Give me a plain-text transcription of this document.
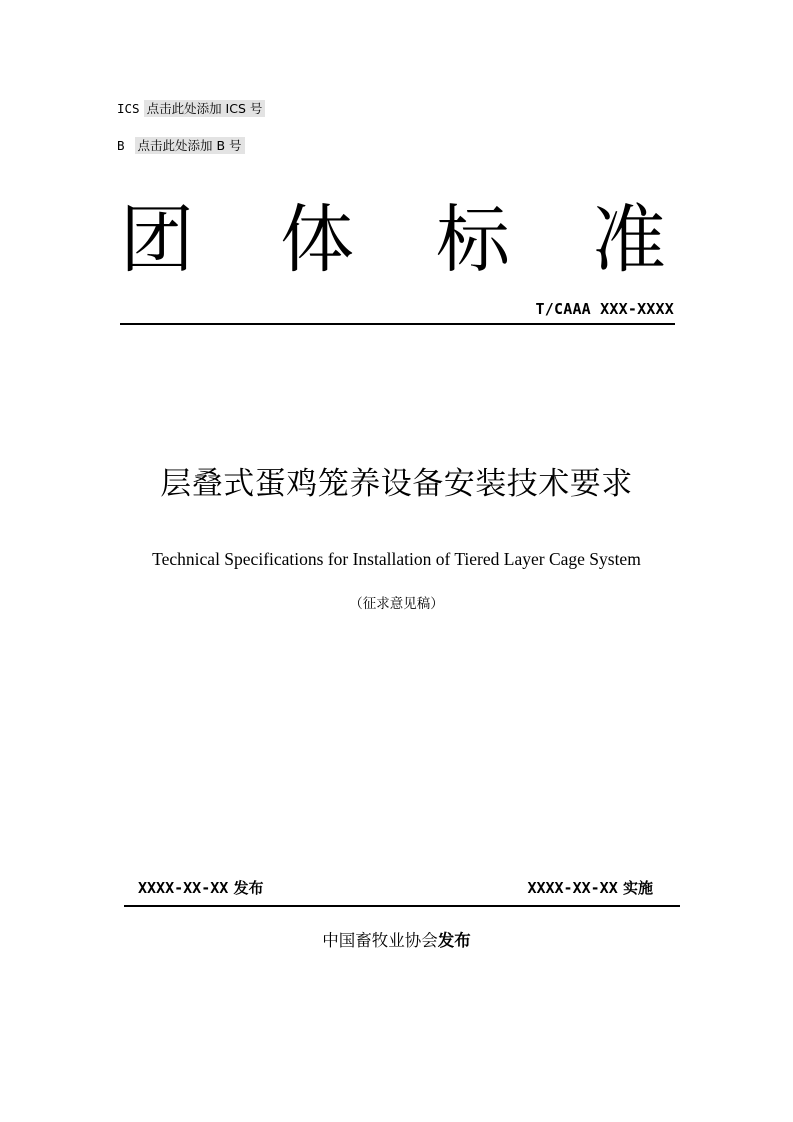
ICS 点击此处添加 ICS 号
B 点击此处添加 B 号
团 体 标 准
T/CAAA XXX-XXXX
层叠式蛋鸡笼养设备安装技术要求
Technical Specifications for Installation of Tiered Layer Cage System
（征求意见稿）
XXXX-XX-XX 发布	XXXX-XX-XX 实施
中国畜牧业协会发布
